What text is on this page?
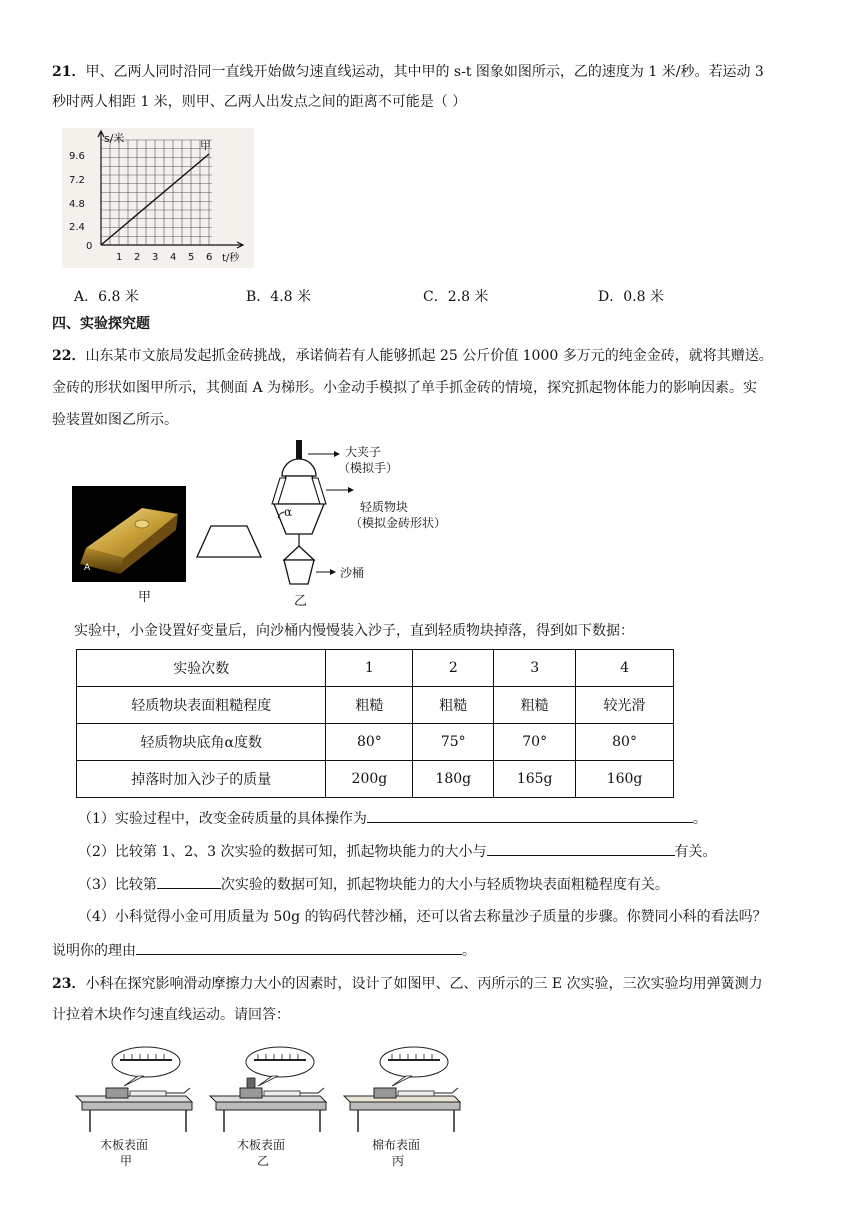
21．甲、乙两人同时沿同一直线开始做匀速直线运动，其中甲的 s-t 图象如图所示，乙的速度为 1 米/秒。若运动 3
秒时两人相距 1 米，则甲、乙两人出发点之间的距离不可能是（ ）
s/米
甲
9.6
7.2
4.8
2.4
0
1 2 3 4 5 6 t/秒
A．6.8 米	B．4.8 米	C．2.8 米	D．0.8 米
四、实验探究题
22．山东某市文旅局发起抓金砖挑战，承诺倘若有人能够抓起 25 公斤价值 1000 多万元的纯金金砖，就将其赠送。
金砖的形状如图甲所示，其侧面 A 为梯形。小金动手模拟了单手抓金砖的情境，探究抓起物体能力的影响因素。实
验装置如图乙所示。
A
甲
α
大夹子
（模拟手）
轻质物块
（模拟金砖形状）
沙桶
乙
实验中，小金设置好变量后，向沙桶内慢慢装入沙子，直到轻质物块掉落，得到如下数据：
实验次数	1	2	3	4
轻质物块表面粗糙程度	粗糙	粗糙	粗糙	较光滑
轻质物块底角α度数	80°	75°	70°	80°
掉落时加入沙子的质量	200g	180g	165g	160g
（1）实验过程中，改变金砖质量的具体操作为	。
（2）比较第 1、2、3 次实验的数据可知，抓起物块能力的大小与	有关。
（3）比较第	次实验的数据可知，抓起物块能力的大小与轻质物块表面粗糙程度有关。
（4）小科觉得小金可用质量为 50g 的钩码代替沙桶，还可以省去称量沙子质量的步骤。你赞同小科的看法吗？
说明你的理由	。
23．小科在探究影响滑动摩擦力大小的因素时，设计了如图甲、乙、丙所示的三 E 次实验，三次实验均用弹簧测力
计拉着木块作匀速直线运动。请回答：
木板表面
甲
木板表面
乙
棉布表面
丙
